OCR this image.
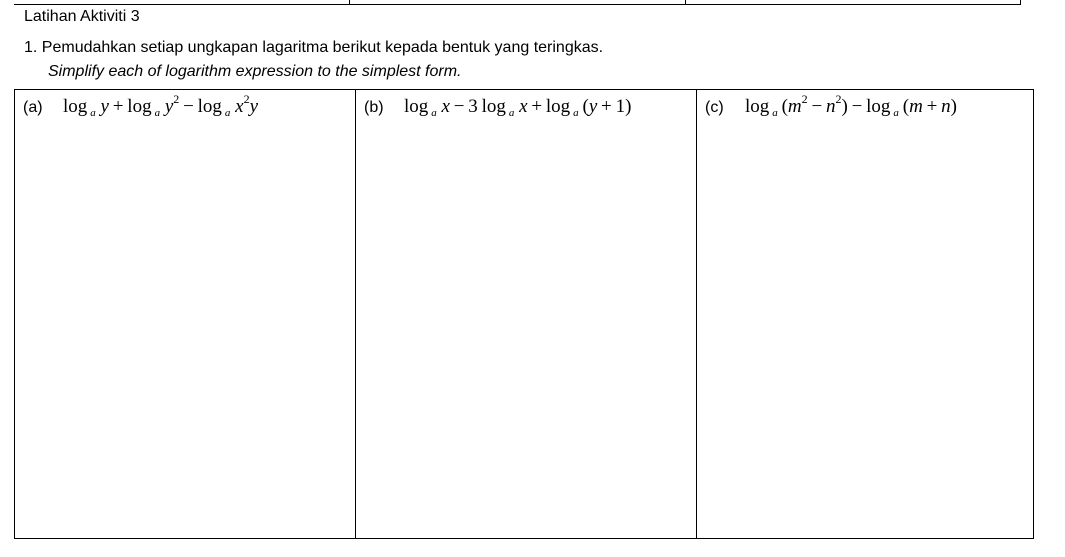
Latihan Aktiviti 3
1. Pemudahkan setiap ungkapan lagaritma berikut kepada bentuk yang teringkas.
Simplify each of logarithm expression to the simplest form.
(a) log $_a$ y + log $_a$ $y^2 - \log _a$ $x^2y$	(b) log $_a$ x − 3 log $_a$ x + log $_a$ (y + 1)	(c) log $_a$ $(m^2 - n^2) - \log _a$ (m + n)
